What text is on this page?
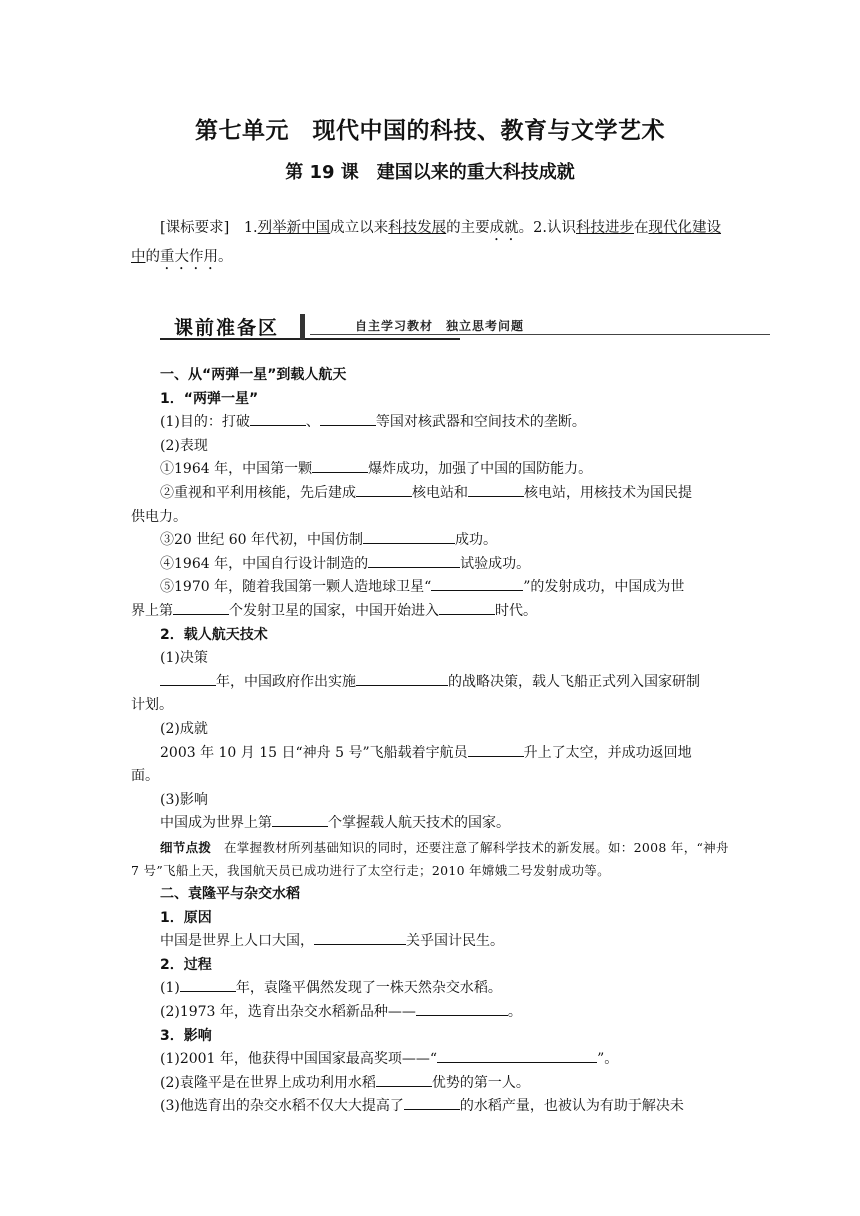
第七单元　现代中国的科技、教育与文学艺术
第 19 课　建国以来的重大科技成就
[课标要求]　 1.列举新中国成立以来科技发展的主要成就。2.认识科技进步在现代化建设中的重大作用。
课前准备区	自主学习教材　独立思考问题

一、从“两弹一星”到载人航天

1．“两弹一星”

(1)目的：打破	、	等国对核武器和空间技术的垄断。

(2)表现

①1964 年，中国第一颗	爆炸成功，加强了中国的国防能力。

②重视和平利用核能，先后建成	核电站和	核电站，用核技术为国民提

供电力。

③20 世纪 60 年代初，中国仿制	成功。

④1964 年，中国自行设计制造的	试验成功。

⑤1970 年，随着我国第一颗人造地球卫星“	”的发射成功，中国成为世

界上第	个发射卫星的国家，中国开始进入	时代。

2．载人航天技术

(1)决策

年，中国政府作出实施	的战略决策，载人飞船正式列入国家研制

计划。

(2)成就

2003 年 10 月 15 日“神舟 5 号”飞船载着宇航员	升上了太空，并成功返回地

面。

(3)影响

中国成为世界上第	个掌握载人航天技术的国家。

细节点拨　在掌握教材所列基础知识的同时，还要注意了解科学技术的新发展。如：2008 年，“神舟 7 号”飞船上天，我国航天员已成功进行了太空行走；2010 年嫦娥二号发射成功等。

二、袁隆平与杂交水稻

1．原因

中国是世界上人口大国，	关乎国计民生。

2．过程

(1)	年，袁隆平偶然发现了一株天然杂交水稻。

(2)1973 年，选育出杂交水稻新品种——	。

3．影响

(1)2001 年，他获得中国国家最高奖项——“	”。

(2)袁隆平是在世界上成功利用水稻	优势的第一人。

(3)他选育出的杂交水稻不仅大大提高了	的水稻产量，也被认为有助于解决未
